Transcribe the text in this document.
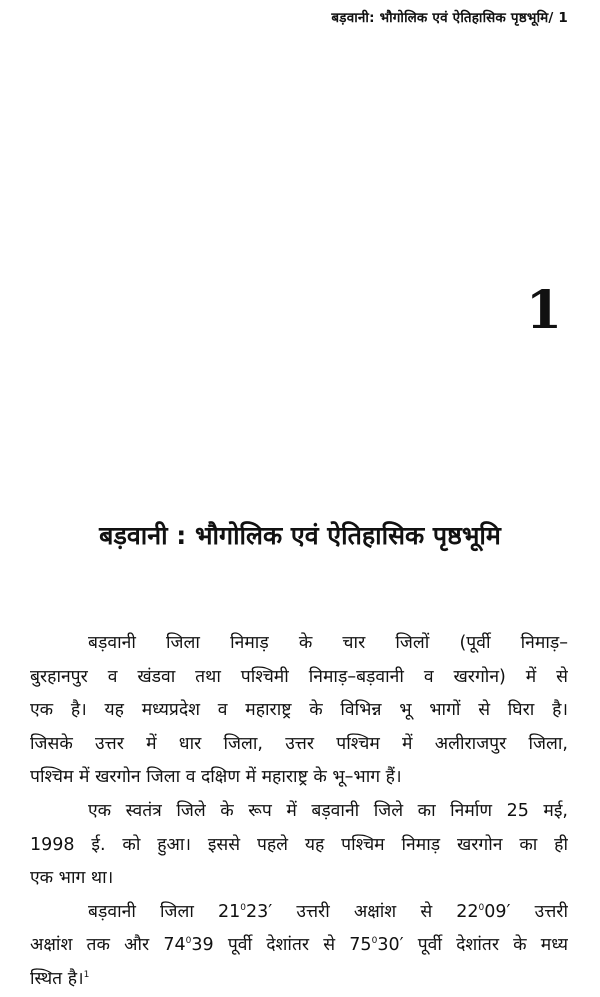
बड़वानी: भौगोलिक एवं ऐतिहासिक पृष्ठभूमि/ 1
1
बड़वानी : भौगोलिक एवं ऐतिहासिक पृष्ठभूमि
बड़वानी जिला निमाड़ के चार जिलों (पूर्वी निमाड़–
बुरहानपुर व खंडवा तथा पश्चिमी निमाड़–बड़वानी व खरगोन) में से
एक है। यह मध्यप्रदेश व महाराष्ट्र के विभिन्न भू भागों से घिरा है।
जिसके उत्तर में धार जिला, उत्तर पश्चिम में अलीराजपुर जिला,
पश्चिम में खरगोन जिला व दक्षिण में महाराष्ट्र के भू–भाग हैं।
एक स्वतंत्र जिले के रूप में बड़वानी जिले का निर्माण 25 मई,
1998 ई. को हुआ। इससे पहले यह पश्चिम निमाड़ खरगोन का ही
एक भाग था।
बड़वानी जिला $21^023'$ उत्तरी अक्षांश से $22^009'$ उत्तरी
अक्षांश तक और $74^039$ पूर्वी देशांतर से $75^030'$ पूर्वी देशांतर के मध्य
स्थित है।$^1$
